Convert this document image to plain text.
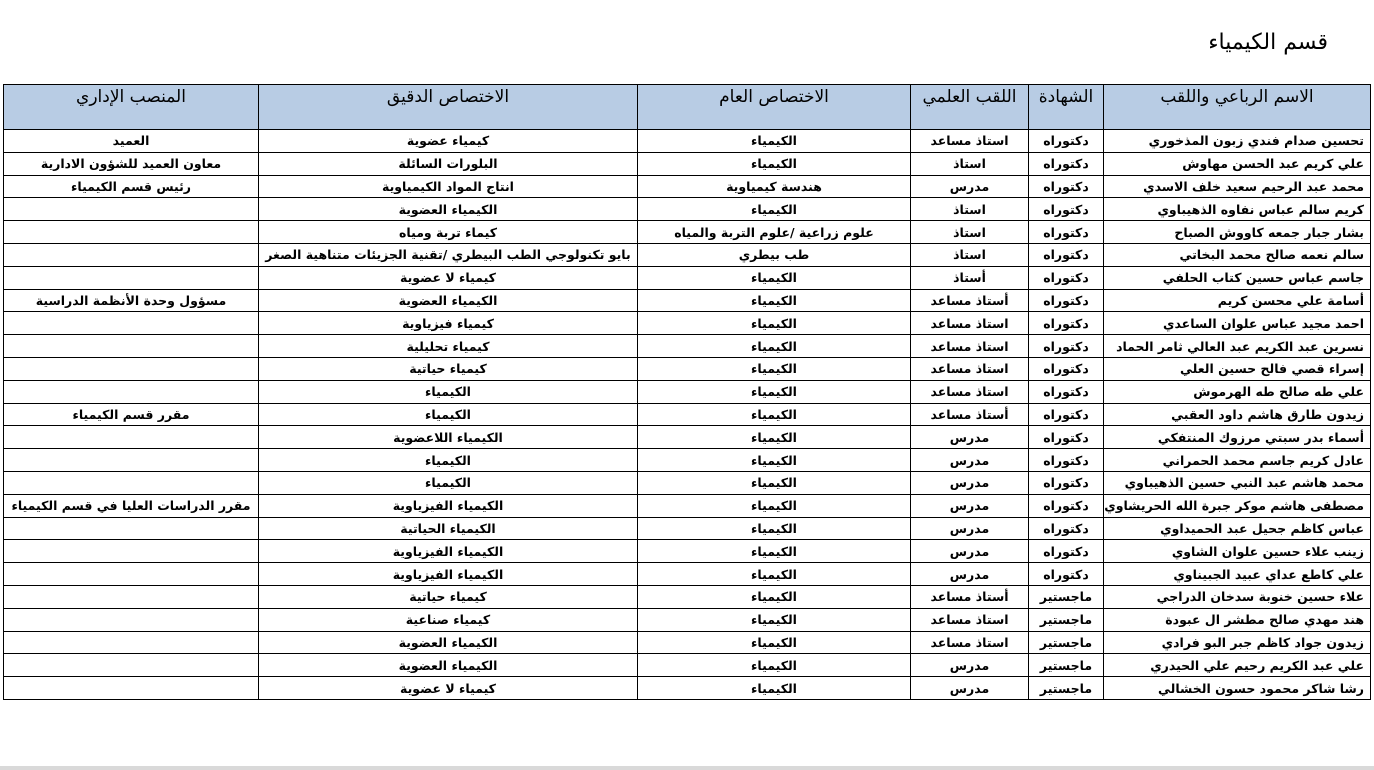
قسم الكيمياء
الاسم الرباعي واللقب	الشهادة	اللقب العلمي	الاختصاص العام	الاختصاص الدقيق	المنصب الإداري
تحسين صدام فندي زبون المذخوري	دكتوراه	استاذ مساعد	الكيمياء	كيمياء عضوية	العميد
علي كريم عبد الحسن مهاوش	دكتوراه	استاذ	الكيمياء	البلورات السائلة	معاون العميد للشؤون الادارية
محمد عبد الرحيم سعيد خلف الاسدي	دكتوراه	مدرس	هندسة كيمياوية	انتاج المواد الكيمياوية	رئيس قسم الكيمياء
كريم سالم عباس نفاوه الذهيباوي	دكتوراه	استاذ	الكيمياء	الكيمياء العضوية	
بشار جبار جمعه كاووش الصباح	دكتوراه	استاذ	علوم زراعية /علوم التربة والمياه	كيماء تربة ومياه	
سالم نعمه صالح محمد البخاتي	دكتوراه	استاذ	طب بيطري	بايو تكنولوجي الطب البيطري /تقنية الجزيئات متناهية الصغر	
جاسم عباس حسين كتاب الحلفي	دكتوراه	أستاذ	الكيمياء	كيمياء لا عضوية	
أسامة علي محسن كريم	دكتوراه	أستاذ مساعد	الكيمياء	الكيمياء العضوية	مسؤول وحدة الأنظمة الدراسية
احمد مجيد عباس علوان الساعدي	دكتوراه	استاذ مساعد	الكيمياء	كيمياء فيزياوية	
نسرين عبد الكريم عبد العالي ثامر الحماد	دكتوراه	استاذ مساعد	الكيمياء	كيمياء تحليلية	
إسراء قصي فالح حسين العلي	دكتوراه	استاذ مساعد	الكيمياء	كيمياء حياتية	
علي طه صالح طه الهرموش	دكتوراه	استاذ مساعد	الكيمياء	الكيمياء	
زيدون طارق هاشم داود العقبي	دكتوراه	أستاذ مساعد	الكيمياء	الكيمياء	مقرر قسم الكيمياء
أسماء بدر سبتي مرزوك المنتفكي	دكتوراه	مدرس	الكيمياء	الكيمياء اللاعضوية	
عادل كريم جاسم محمد الحمراني	دكتوراه	مدرس	الكيمياء	الكيمياء	
محمد هاشم عبد النبي حسين الذهيباوي	دكتوراه	مدرس	الكيمياء	الكيمياء	
مصطفى هاشم موكر جبرة الله الحريشاوي	دكتوراه	مدرس	الكيمياء	الكيمياء الفيزياوية	مقرر الدراسات العليا في قسم الكيمياء
عباس كاظم جحيل عبد الحميداوي	دكتوراه	مدرس	الكيمياء	الكيمياء الحياتية	
زينب علاء حسين علوان الشاوي	دكتوراه	مدرس	الكيمياء	الكيمياء الفيزياوية	
علي كاطع عداي عبيد الجبيناوي	دكتوراه	مدرس	الكيمياء	الكيمياء الفيزياوية	
علاء حسين خنوبة سدخان الدراجي	ماجستير	أستاذ مساعد	الكيمياء	كيمياء حياتية	
هند مهدي صالح مطشر ال عبودة	ماجستير	استاذ مساعد	الكيمياء	كيمياء صناعية	
زيدون جواد كاظم جبر البو فرادي	ماجستير	استاذ مساعد	الكيمياء	الكيمياء العضوية	
علي عبد الكريم رحيم علي الحيدري	ماجستير	مدرس	الكيمياء	الكيمياء العضوية	
رشا شاكر محمود حسون الخشالي	ماجستير	مدرس	الكيمياء	كيمياء لا عضوية	
